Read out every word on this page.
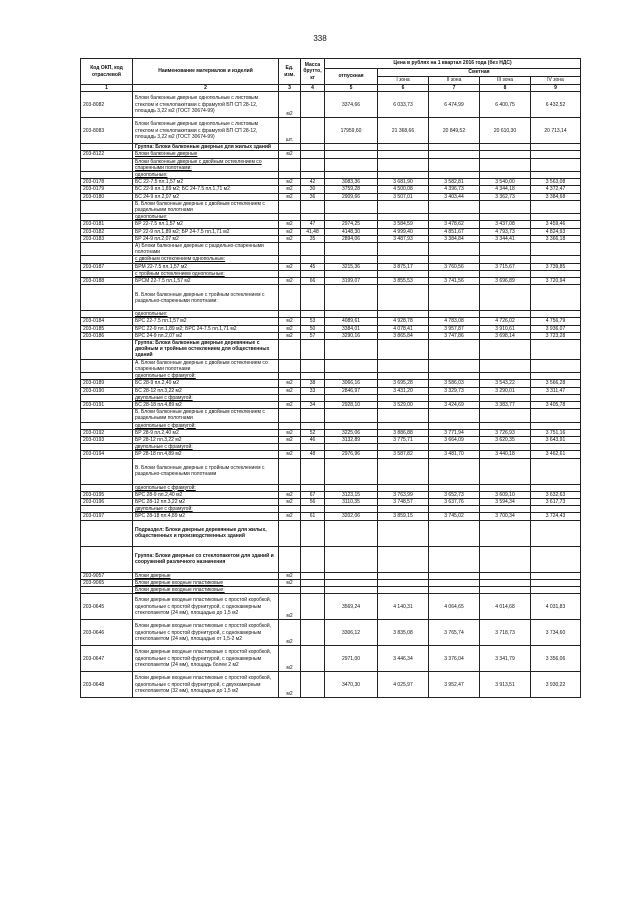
338
Код ОКП, код отраслевой	Наименование материалов и изделий	Ед. изм.	Масса брутто, кг	Цена в рублях на 1 квартал 2016 года (без НДС)				
				отпускная	Сметная			
					I зона	II зона	III зона	IV зона
1	2	3	4	5	6	7	8	9
203-8082	Блоки балконные дверные однопольные с листовым стеклом и стеклопакетами с фрамугой БП СП 28-12, площадь 3,22 м2 (ГОСТ 30674-99)	м2		3374,66	6 033,73	6 474,99	6 400,75	6 432,52
203-8083	Блоки балконные дверные однопольные с листовым стеклом и стеклопакетами с фрамугой БП СП 28-12, площадь 3,22 м2 (ГОСТ 30674-99)	шт.		17959,60	21 368,66	20 849,52	20 610,30	20 713,14
	Группа: Блоки балконные дверные для жилых зданий							
203-8122	Блоки балконные дверные	м2						
	Блоки балконные дверные с двойным остеклением со спаренными полотнами:							
	однопольные:							
203-0178	БС 22-7.5 пл.1,57 м2	м2	42	3083,36	3 681,90	3 582,81	3 540,00	3 563,08
203-0179	БС 22-9 пл.1,89 м2; БС 24-7.5 пл.1,71 м2	м2	30	3759,28	4 500,08	4 396,73	4 344,18	4 372,47
203-0180	БС 24-9 пл.2,07 м2	м2	36	2909,66	3 507,01	3 403,44	3 362,73	3 384,68
	Б. Блоки балконные дверные с двойным остеклением с раздельными полотнами							
	однопольные:							
203-0181	БР 22-7.5 пл.1,57 м2	м2	47	2974,25	3 584,59	3 478,62	3 437,08	3 459,46
203-0182	БР 22-9 пл.1,89 м2; БР 24-7.5 пл.1,71 м2	м2	41,48	4148,30	4 999,40	4 851,67	4 793,73	4 824,93
203-0183	БР 24-9 пл.2,07 м2	м2	35	2894,06	3 487,93	3 384,84	3 344,41	3 366,18
	А) Блоки балконные дверные с раздельно-спаренными полотнами							
	с двойным остеклением однопольные:							
203-0187	БРМ 22-7.5 пл.1,57 м2	м2	45	3215,36	3 875,17	3 760,56	3 715,67	3 739,85
	с тройным остеклением однопольные:							
203-0188	БРСМ 22-7.5 пл.1,57 м2	м2	66	3199,07	3 855,53	3 741,56	3 696,89	3 720,94
	В. Блоки балконные дверные с тройным остеклением с раздельно-спаренными полотнами:							
	однопольные:							
203-0184	БРС 22-7.5 пл.1,57 м2	м2	53	4089,61	4 928,78	4 783,08	4 726,02	4 756,79
203-0185	БРС 22-9 пл.1,89 м2; БРС 24-7.5 пл.1,71 м2	м2	50	3384,01	4 078,41	3 957,87	3 910,61	3 936,07
203-0186	БРС 24-9 пл.2,07 м2	м2	57	3290,16	3 865,84	3 747,86	3 698,14	3 723,28
	Группа: Блоки балконные дверные деревянные с двойным и тройным остеклением для общественных зданий							
	А. Блоки балконные дверные с двойным остеклением со спаренными полотнами							
	однопольные с фрамугой:							
203-0189	БС 28-9 пл.2,40 м2	м2	38	3066,16	3 695,28	3 586,03	3 543,22	3 566,28
203-0190	БС 28-12 пл.3,22 м2	м2	33	2846,97	3 431,20	3 329,73	3 290,01	3 311,47
	двупольные с фрамугой:							
203-0191	БС 28-18 пл.4,89 м2	м2	34	2928,10	3 529,00	3 424,69	3 383,77	3 405,78
	Б. Блоки балконные дверные с двойным остеклением с раздельными полотнами							
	однопольные с фрамугой:							
203-0192	БР 28-9 пл.2,40 м2	м2	52	3225,06	3 886,88	3 771,94	3 726,93	3 751,16
203-0193	БР 28-12 пл.3,22 м2	м2	46	3132,89	3 775,71	3 664,09	3 620,35	3 643,91
	двупольные с фрамугой:							
203-0194	БР 28-18 пл.4,89 м2	м2	48	2976,96	3 587,82	3 481,70	3 440,18	3 462,61
	В. Блоки балконные дверные с тройным остеклением с раздельно-спаренными полотнами							
	однопольные с фрамугой:							
203-0195	БРС 28-9 пл.2,40 м2	м2	67	3123,15	3 763,99	3 652,73	3 609,10	3 632,63
203-0196	БРС 28-12 пл.3,22 м2	м2	56	3110,35	3 748,57	3 637,76	3 594,34	3 617,73
	двупольные с фрамугой:							
203-0197	БРС 28-18 пл.4,89 м2	м2	61	3202,06	3 859,15	3 745,02	3 700,34	3 724,43
	Подраздел: Блоки дверные деревянные для жилых, общественных и производственных зданий							
	Группа: Блоки дверные со стеклопакетом для зданий и сооружений различного назначения							
203-9057	Блоки дверные	м2						
203-9065	Блоки дверные входные пластиковые	м2						
	Блоки дверные входные пластиковые:							
203-0645	Блоки дверные входные пластиковые с простой коробкой, однопольные с простой фурнитурой, с однокамерным стеклопакетом (24 мм), площадью до 1,5 м2	м2		3569,24	4 140,31	4 064,65	4 014,68	4 031,83
203-0646	Блоки дверные входные пластиковые с простой коробкой, однопольные с простой фурнитурой, с однокамерным стеклопакетом (24 мм), площадью от 1,5-2 м2	м2		3306,12	3 835,08	3 765,74	3 718,73	3 734,60
203-0647	Блоки дверные входные пластиковые с простой коробкой, однопольные с простой фурнитурой, с однокамерным стеклопакетом (24 мм), площадь более 2 м2	м2		2971,00	3 446,34	3 376,04	3 341,79	3 356,06
203-0648	Блоки дверные входные пластиковые с простой коробкой, однопольные с простой фурнитурой, с двухкамерным стеклопакетом (32 мм), площадью до 1,5 м2	м2		3470,30	4 025,97	3 952,47	3 913,51	3 930,22
